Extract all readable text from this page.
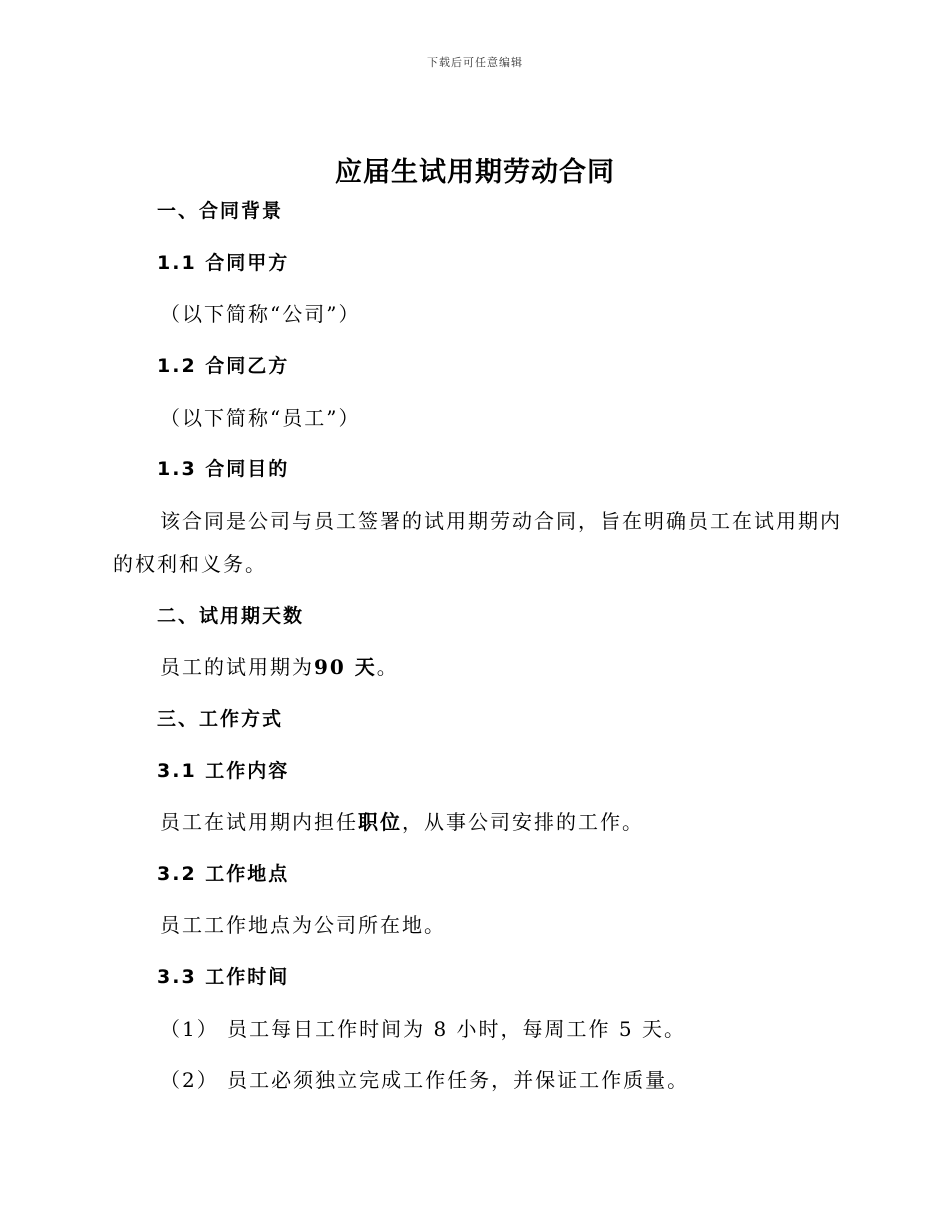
下载后可任意编辑
应届生试用期劳动合同
一、合同背景
1.1 合同甲方
（以下简称“公司”）
1.2 合同乙方
（以下简称“员工”）
1.3 合同目的
该合同是公司与员工签署的试用期劳动合同，旨在明确员工在试用期内
的权利和义务。
二、试用期天数
员工的试用期为90 天。
三、工作方式
3.1 工作内容
员工在试用期内担任职位，从事公司安排的工作。
3.2 工作地点
员工工作地点为公司所在地。
3.3 工作时间
（1） 员工每日工作时间为 8 小时，每周工作 5 天。
（2） 员工必须独立完成工作任务，并保证工作质量。
